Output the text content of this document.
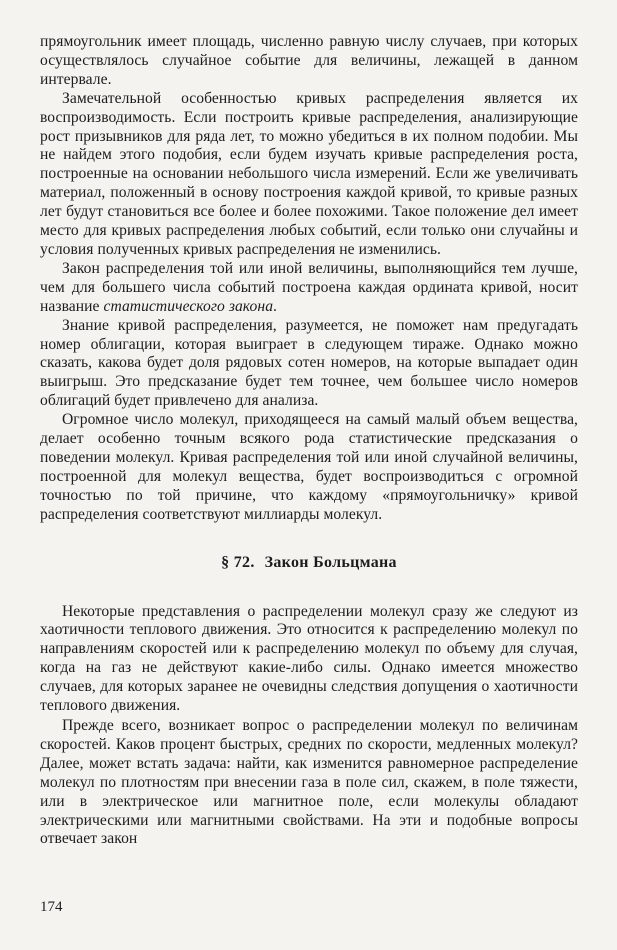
прямоугольник имеет площадь, численно равную числу случаев, при которых осуществлялось случайное событие для величины, лежащей в данном интервале.

Замечательной особенностью кривых распределения является их воспроизводимость. Если построить кривые распределения, анализирующие рост призывников для ряда лет, то можно убедиться в их полном подобии. Мы не найдем этого подобия, если будем изучать кривые распределения роста, построенные на основании небольшого числа измерений. Если же увеличивать материал, положенный в основу построения каждой кривой, то кривые разных лет будут становиться все более и более похожими. Такое положение дел имеет место для кривых распределения любых событий, если только они случайны и условия полученных кривых распределения не изменились.

Закон распределения той или иной величины, выполняющийся тем лучше, чем для большего числа событий построена каждая ордината кривой, носит название статистического закона.

Знание кривой распределения, разумеется, не поможет нам предугадать номер облигации, которая выиграет в следующем тираже. Однако можно сказать, какова будет доля рядовых сотен номеров, на которые выпадает один выигрыш. Это предсказание будет тем точнее, чем большее число номеров облигаций будет привлечено для анализа.

Огромное число молекул, приходящееся на самый малый объем вещества, делает особенно точным всякого рода статистические предсказания о поведении молекул. Кривая распределения той или иной случайной величины, построенной для молекул вещества, будет воспроизводиться с огромной точностью по той причине, что каждому «прямоугольничку» кривой распределения соответствуют миллиарды молекул.

§ 72. Закон Больцмана

Некоторые представления о распределении молекул сразу же следуют из хаотичности теплового движения. Это относится к распределению молекул по направлениям скоростей или к распределению молекул по объему для случая, когда на газ не действуют какие-либо силы. Однако имеется множество случаев, для которых заранее не очевидны следствия допущения о хаотичности теплового движения.

Прежде всего, возникает вопрос о распределении молекул по величинам скоростей. Каков процент быстрых, средних по скорости, медленных молекул? Далее, может встать задача: найти, как изменится равномерное распределение молекул по плотностям при внесении газа в поле сил, скажем, в поле тяжести, или в электрическое или магнитное поле, если молекулы обладают электрическими или магнитными свойствами. На эти и подобные вопросы отвечает закон

174
